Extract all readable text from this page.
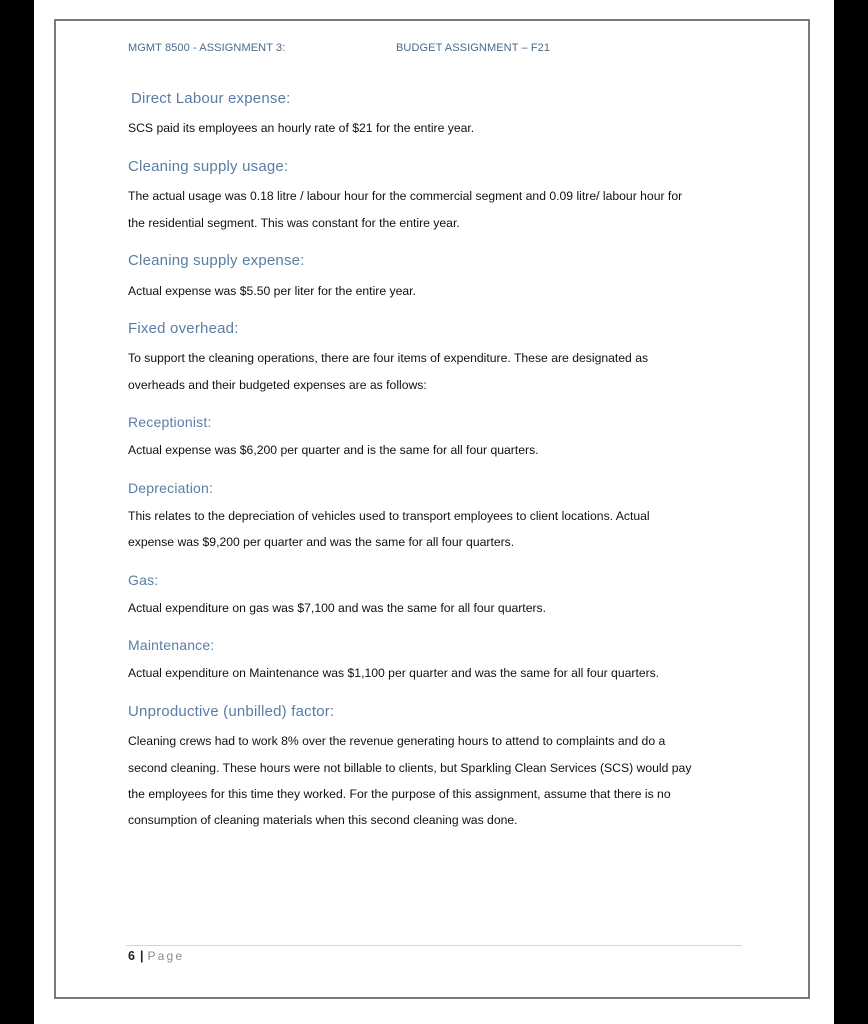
MGMT 8500 - ASSIGNMENT 3:	BUDGET ASSIGNMENT – F21
Direct Labour expense:
SCS paid its employees an hourly rate of $21 for the entire year.
Cleaning supply usage:
The actual usage was 0.18 litre / labour hour for the commercial segment and 0.09 litre/ labour hour for
the residential segment. This was constant for the entire year.
Cleaning supply expense:
Actual expense was $5.50 per liter for the entire year.
Fixed overhead:
To support the cleaning operations, there are four items of expenditure. These are designated as
overheads and their budgeted expenses are as follows:
Receptionist:
Actual expense was $6,200 per quarter and is the same for all four quarters.
Depreciation:
This relates to the depreciation of vehicles used to transport employees to client locations. Actual
expense was $9,200 per quarter and was the same for all four quarters.
Gas:
Actual expenditure on gas was $7,100 and was the same for all four quarters.
Maintenance:
Actual expenditure on Maintenance was $1,100 per quarter and was the same for all four quarters.
Unproductive (unbilled) factor:
Cleaning crews had to work 8% over the revenue generating hours to attend to complaints and do a
second cleaning. These hours were not billable to clients, but Sparkling Clean Services (SCS) would pay
the employees for this time they worked. For the purpose of this assignment, assume that there is no
consumption of cleaning materials when this second cleaning was done.
6 | Page
